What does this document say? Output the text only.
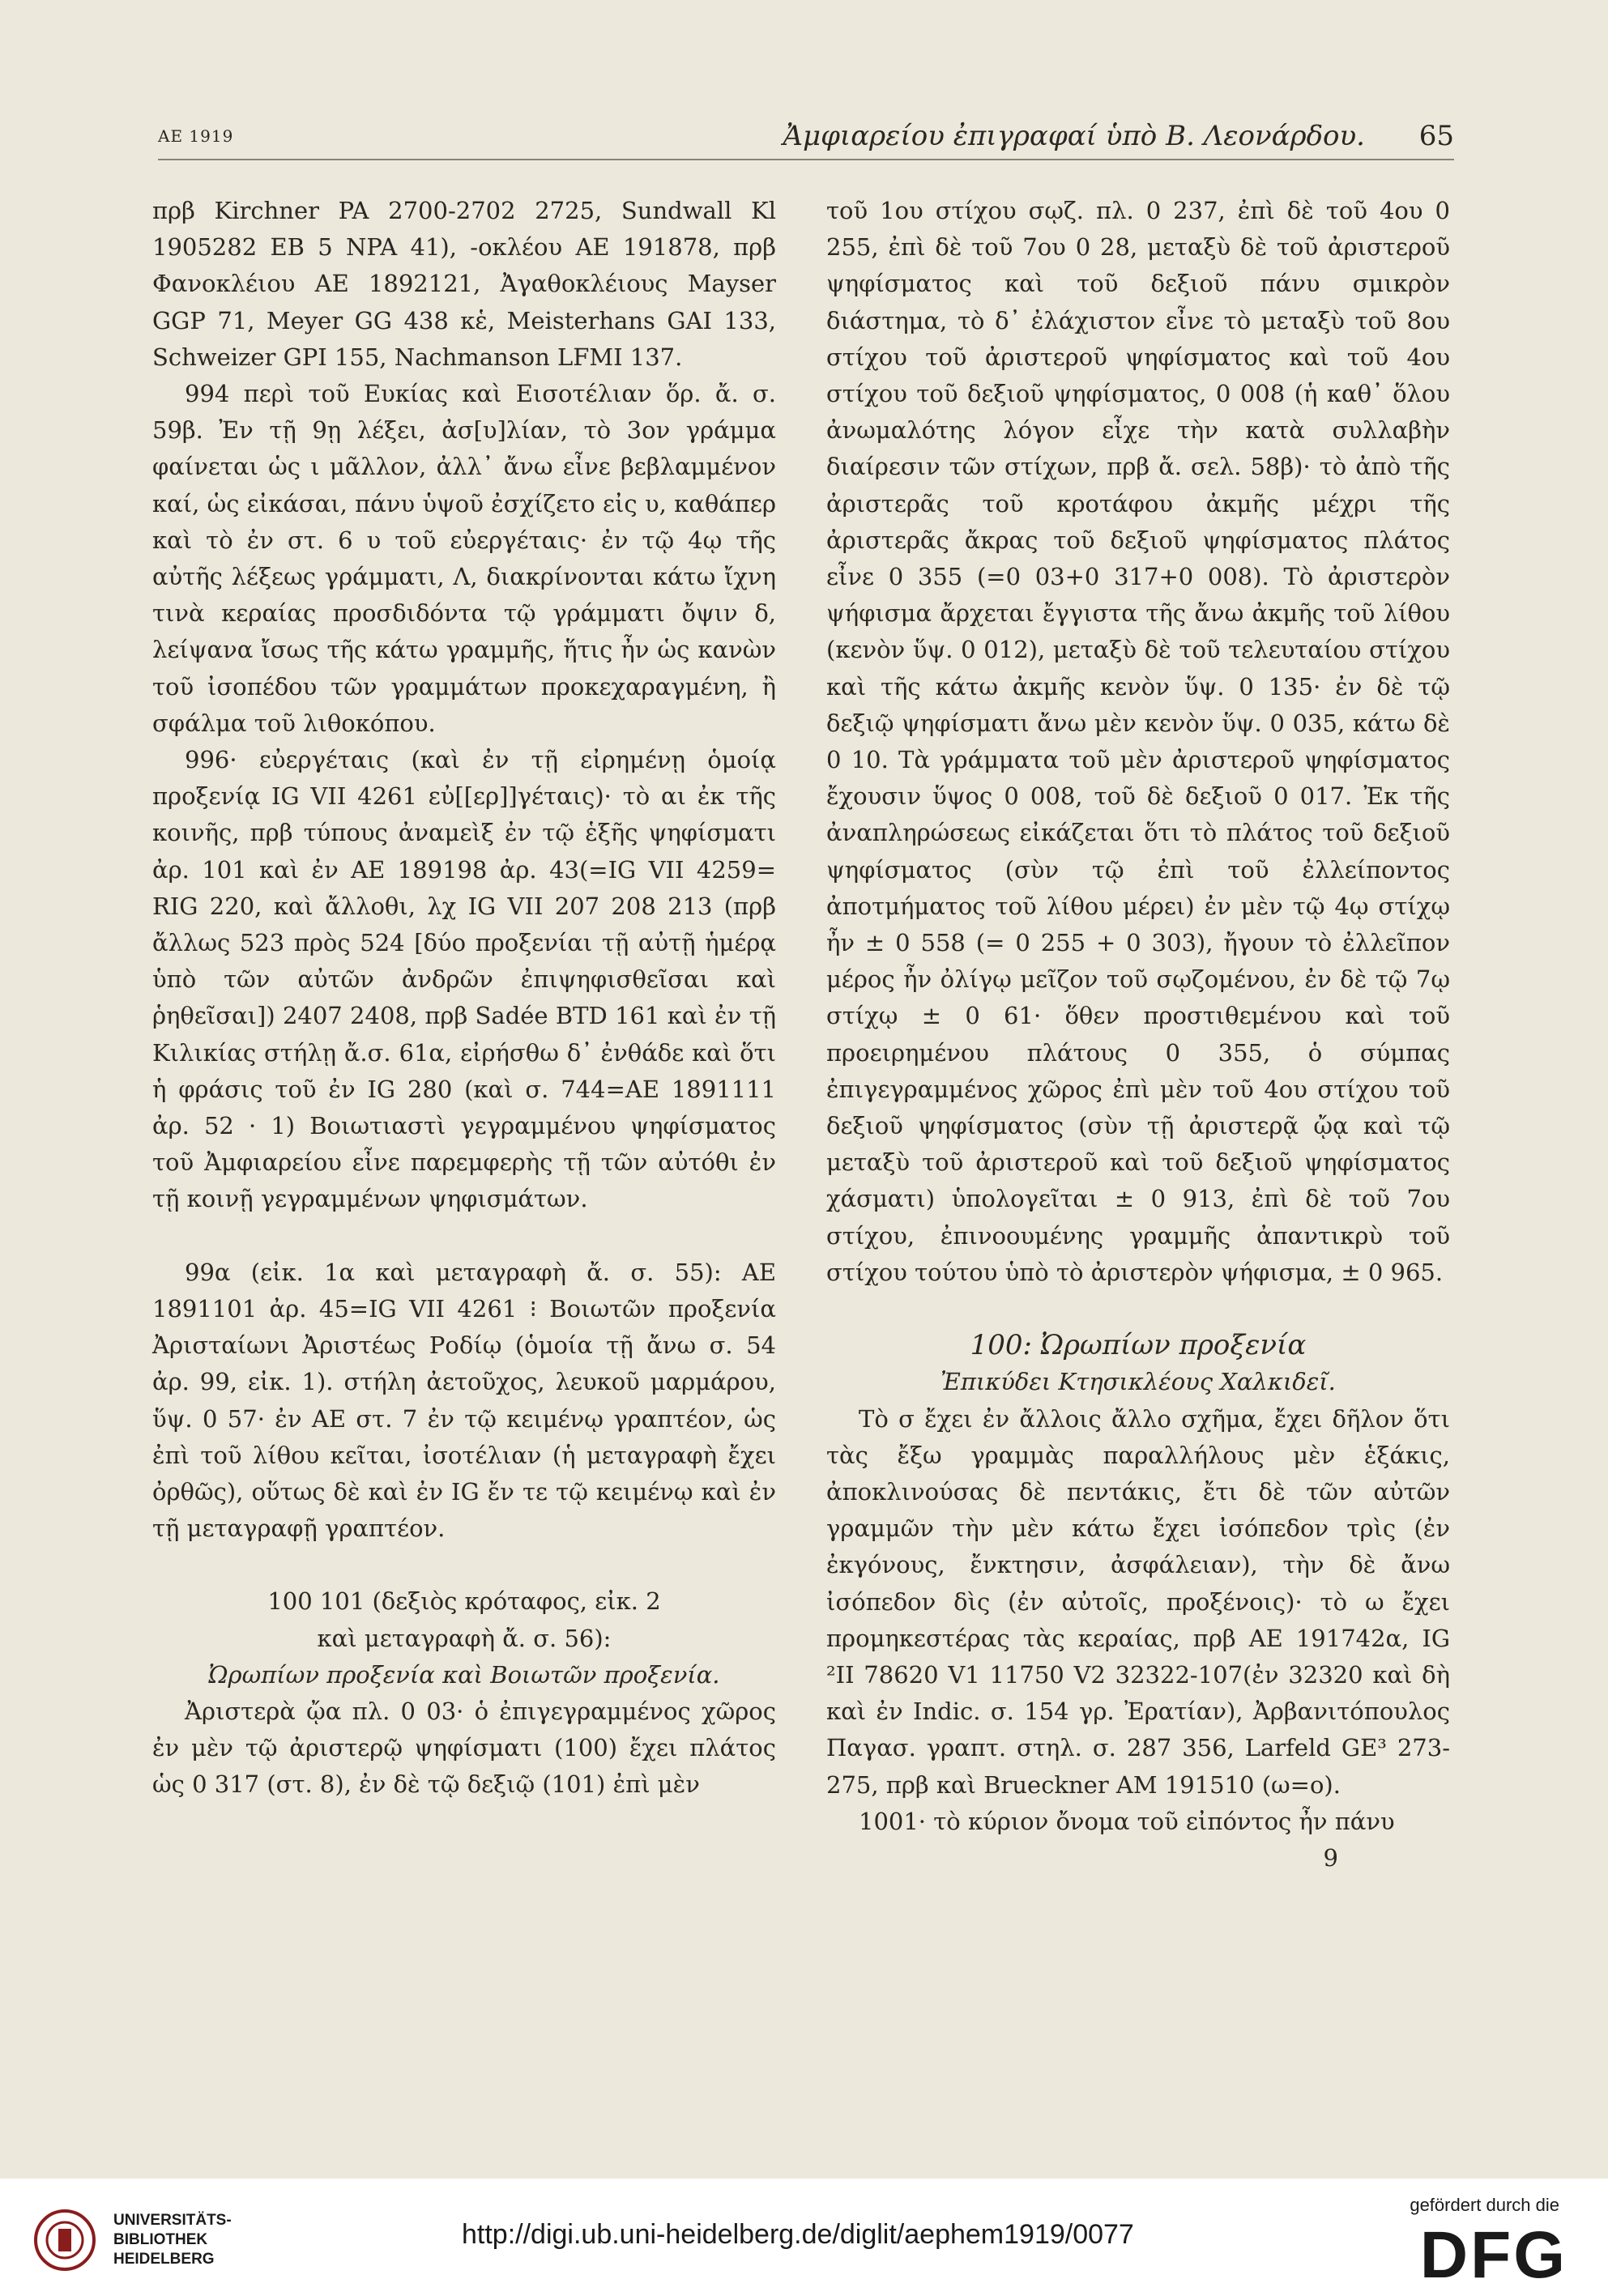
ΑΕ 1919	Ἀμφιαρείου ἐπιγραφαί ὑπὸ Β. Λεονάρδου. 65

πρβ Kirchner PA 2700-2702 2725, Sundwall Kl 1905282 EB 5 NPA 41), -οκλέου AE 191878, πρβ Φανοκλέιου ΑΕ 1892121, Ἀγαθοκλέιους Mayser GGP 71, Meyer GG 438 κἑ, Meisterhans GAI 133, Schweizer GPI 155, Nachmanson LFMI 137.

994 περὶ τοῦ Ευκίας καὶ Εισοτέλιαν ὅρ. ἄ. σ. 59β. Ἐν τῇ 9ῃ λέξει, ἀσ[υ]λίαν, τὸ 3ον γράμμα φαίνεται ὡς ι μᾶλλον, ἀλλ᾽ ἄνω εἶνε βεβλαμμένον καί, ὡς εἰκάσαι, πάνυ ὑψοῦ ἐσχίζετο εἰς υ, καθάπερ καὶ τὸ ἐν στ. 6 υ τοῦ εὐεργέταις· ἐν τῷ 4ῳ τῆς αὐτῆς λέξεως γράμματι, Λ, διακρίνονται κάτω ἴχνη τινὰ κεραίας προσδιδόντα τῷ γράμματι ὄψιν δ, λείψανα ἴσως τῆς κάτω γραμμῆς, ἥτις ἦν ὡς κανὼν τοῦ ἰσοπέδου τῶν γραμμάτων προκεχαραγμένη, ἢ σφάλμα τοῦ λιθοκόπου.

996· εὐεργέταις (καὶ ἐν τῇ εἰρημένῃ ὁμοίᾳ προξενίᾳ IG VII 4261 εὐ[[ερ]]γέταις)· τὸ αι ἐκ τῆς κοινῆς, πρβ τύπους ἀναμεὶξ ἐν τῷ ἑξῆς ψηφίσματι ἀρ. 101 καὶ ἐν ΑΕ 189198 ἀρ. 43(=IG VII 4259= RIG 220, καὶ ἄλλοθι, λχ IG VII 207 208 213 (πρβ ἄλλως 523 πρὸς 524 [δύο προξενίαι τῇ αὐτῇ ἡμέρᾳ ὑπὸ τῶν αὐτῶν ἀνδρῶν ἐπιψηφισθεῖσαι καὶ ῥηθεῖσαι]) 2407 2408, πρβ Sadée BTD 161 καὶ ἐν τῇ Κιλικίας στήλῃ ἄ.σ. 61α, εἰρήσθω δ᾽ ἐνθάδε καὶ ὅτι ἡ φράσις τοῦ ἐν IG 280 (καὶ σ. 744=AE 1891111 ἀρ. 52 · 1) Βοιωτιαστὶ γεγραμμένου ψηφίσματος τοῦ Ἀμφιαρείου εἶνε παρεμφερὴς τῇ τῶν αὐτόθι ἐν τῇ κοινῇ γεγραμμένων ψηφισμάτων.

99α (εἰκ. 1α καὶ μεταγραφὴ ἄ. σ. 55): ΑΕ 1891101 ἀρ. 45=IG VII 4261 ⁝ Βοιωτῶν προξενία Ἀρισταίωνι Ἀριστέως Ροδίῳ (ὁμοία τῇ ἄνω σ. 54 ἀρ. 99, εἰκ. 1). στήλη ἀετοῦχος, λευκοῦ μαρμάρου, ὕψ. 0 57· ἐν ΑΕ στ. 7 ἐν τῷ κειμένῳ γραπτέον, ὡς ἐπὶ τοῦ λίθου κεῖται, ἰσοτέλιαν (ἡ μεταγραφὴ ἔχει ὀρθῶς), οὕτως δὲ καὶ ἐν IG ἔν τε τῷ κειμένῳ καὶ ἐν τῇ μεταγραφῇ γραπτέον.

100 101 (δεξιὸς κρόταφος, εἰκ. 2

καὶ μεταγραφὴ ἄ. σ. 56):

Ὠρωπίων προξενία καὶ Βοιωτῶν προξενία.

Ἀριστερὰ ᾤα πλ. 0 03· ὁ ἐπιγεγραμμένος χῶρος ἐν μὲν τῷ ἀριστερῷ ψηφίσματι (100) ἔχει πλάτος ὡς 0 317 (στ. 8), ἐν δὲ τῷ δεξιῷ (101) ἐπὶ μὲν

τοῦ 1ου στίχου σῳζ. πλ. 0 237, ἐπὶ δὲ τοῦ 4ου 0 255, ἐπὶ δὲ τοῦ 7ου 0 28, μεταξὺ δὲ τοῦ ἀριστεροῦ ψηφίσματος καὶ τοῦ δεξιοῦ πάνυ σμικρὸν διάστημα, τὸ δ᾽ ἐλάχιστον εἶνε τὸ μεταξὺ τοῦ 8ου στίχου τοῦ ἀριστεροῦ ψηφίσματος καὶ τοῦ 4ου στίχου τοῦ δεξιοῦ ψηφίσματος, 0 008 (ἡ καθ᾽ ὅλου ἀνωμαλότης λόγον εἶχε τὴν κατὰ συλλαβὴν διαίρεσιν τῶν στίχων, πρβ ἄ. σελ. 58β)· τὸ ἀπὸ τῆς ἀριστερᾶς τοῦ κροτάφου ἀκμῆς μέχρι τῆς ἀριστερᾶς ἄκρας τοῦ δεξιοῦ ψηφίσματος πλάτος εἶνε 0 355 (=0 03+0 317+0 008). Τὸ ἀριστερὸν ψήφισμα ἄρχεται ἔγγιστα τῆς ἄνω ἀκμῆς τοῦ λίθου (κενὸν ὕψ. 0 012), μεταξὺ δὲ τοῦ τελευταίου στίχου καὶ τῆς κάτω ἀκμῆς κενὸν ὕψ. 0 135· ἐν δὲ τῷ δεξιῷ ψηφίσματι ἄνω μὲν κενὸν ὕψ. 0 035, κάτω δὲ 0 10. Τὰ γράμματα τοῦ μὲν ἀριστεροῦ ψηφίσματος ἔχουσιν ὕψος 0 008, τοῦ δὲ δεξιοῦ 0 017. Ἐκ τῆς ἀναπληρώσεως εἰκάζεται ὅτι τὸ πλάτος τοῦ δεξιοῦ ψηφίσματος (σὺν τῷ ἐπὶ τοῦ ἐλλείποντος ἀποτμήματος τοῦ λίθου μέρει) ἐν μὲν τῷ 4ῳ στίχῳ ἦν ± 0 558 (= 0 255 + 0 303), ἤγουν τὸ ἐλλεῖπον μέρος ἦν ὀλίγῳ μεῖζον τοῦ σῳζομένου, ἐν δὲ τῷ 7ῳ στίχῳ ± 0 61· ὅθεν προστιθεμένου καὶ τοῦ προειρημένου πλάτους 0 355, ὁ σύμπας ἐπιγεγραμμένος χῶρος ἐπὶ μὲν τοῦ 4ου στίχου τοῦ δεξιοῦ ψηφίσματος (σὺν τῇ ἀριστερᾷ ᾤᾳ καὶ τῷ μεταξὺ τοῦ ἀριστεροῦ καὶ τοῦ δεξιοῦ ψηφίσματος χάσματι) ὑπολογεῖται ± 0 913, ἐπὶ δὲ τοῦ 7ου στίχου, ἐπινοουμένης γραμμῆς ἀπαντικρὺ τοῦ στίχου τούτου ὑπὸ τὸ ἀριστερὸν ψήφισμα, ± 0 965.

100: Ὠρωπίων προξενία

Ἐπικύδει Κτησικλέους Χαλκιδεῖ.

Τὸ σ ἔχει ἐν ἄλλοις ἄλλο σχῆμα, ἔχει δῆλον ὅτι τὰς ἔξω γραμμὰς παραλλήλους μὲν ἑξάκις, ἀποκλινούσας δὲ πεντάκις, ἔτι δὲ τῶν αὐτῶν γραμμῶν τὴν μὲν κάτω ἔχει ἰσόπεδον τρὶς (ἐν ἐκγόνους, ἔνκτησιν, ἀσφάλειαν), τὴν δὲ ἄνω ἰσόπεδον δὶς (ἐν αὐτοῖς, προξένοις)· τὸ ω ἔχει προμηκεστέρας τὰς κεραίας, πρβ ΑΕ 191742α, IG ²II 78620 V1 11750 V2 32322-107(ἐν 32320 καὶ δὴ καὶ ἐν Indic. σ. 154 γρ. Ἐρατίαν), Ἀρβανιτόπουλος Παγασ. γραπτ. στηλ. σ. 287 356, Larfeld GE³ 273-275, πρβ καὶ Brueckner AM 191510 (ω=ο).

1001· τὸ κύριον ὄνομα τοῦ εἰπόντος ἦν πάνυ

9

UNIVERSITÄTS-BIBLIOTHEK HEIDELBERG
http://digi.ub.uni-heidelberg.de/diglit/aephem1919/0077
gefördert durch die
DFG
